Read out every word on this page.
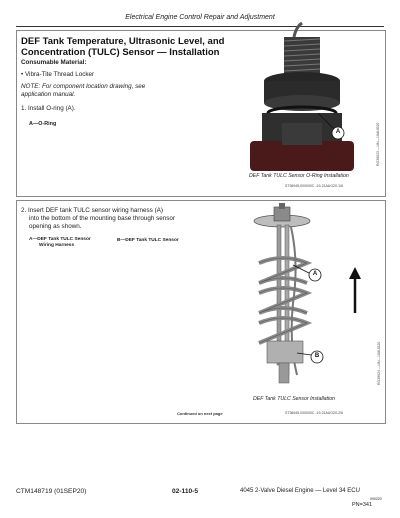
Electrical Engine Control Repair and Adjustment
DEF Tank Temperature, Ultrasonic Level, and
Concentration (TULC) Sensor — Installation
Consumable Material:
• Vibra-Tite Thread Locker
NOTE: For component location drawing, see
application manual.
1. Install O-ring (A).
A—O-Ring
A	RG38623 —UN—18AUG20
DEF Tank TULC Sensor O-Ring Installation
ST36945,000000C -19-21AUG20-1/6
2. Insert DEF tank TULC sensor wiring harness (A)
into the bottom of the mounting base through sensor
opening as shown.
A—DEF Tank TULC Sensor
Wiring Harness
B—DEF Tank TULC Sensor
A
B	RG38624 —UN—18AUG20
DEF Tank TULC Sensor Installation
ST36945,000000C -19-21AUG20-2/6
Continued on next page
CTM148719 (01SEP20)	02-110-5	4045 2-Valve Diesel Engine — Level 34 ECU
090220
PN=341
